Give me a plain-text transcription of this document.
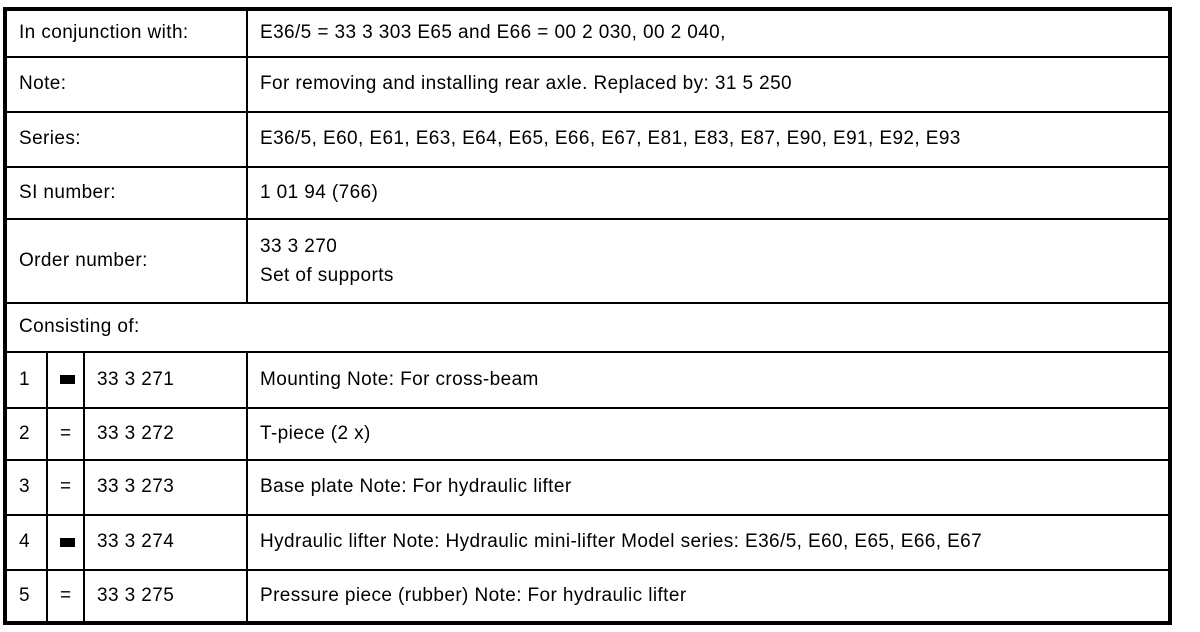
In conjunction with:			E36/5 = 33 3 303 E65 and E66 = 00 2 030, 00 2 040,
Note:			For removing and installing rear axle. Replaced by: 31 5 250
Series:			E36/5, E60, E61, E63, E64, E65, E66, E67, E81, E83, E87, E90, E91, E92, E93
SI number:			1 01 94 (766)
Order number:			33 3 270
Set of supports

Consisting of:			
1		33 3 271	Mounting Note: For cross-beam
2	=	33 3 272	T-piece (2 x)
3	=	33 3 273	Base plate Note: For hydraulic lifter
4		33 3 274	Hydraulic lifter Note: Hydraulic mini-lifter Model series: E36/5, E60, E65, E66, E67
5	=	33 3 275	Pressure piece (rubber) Note: For hydraulic lifter
